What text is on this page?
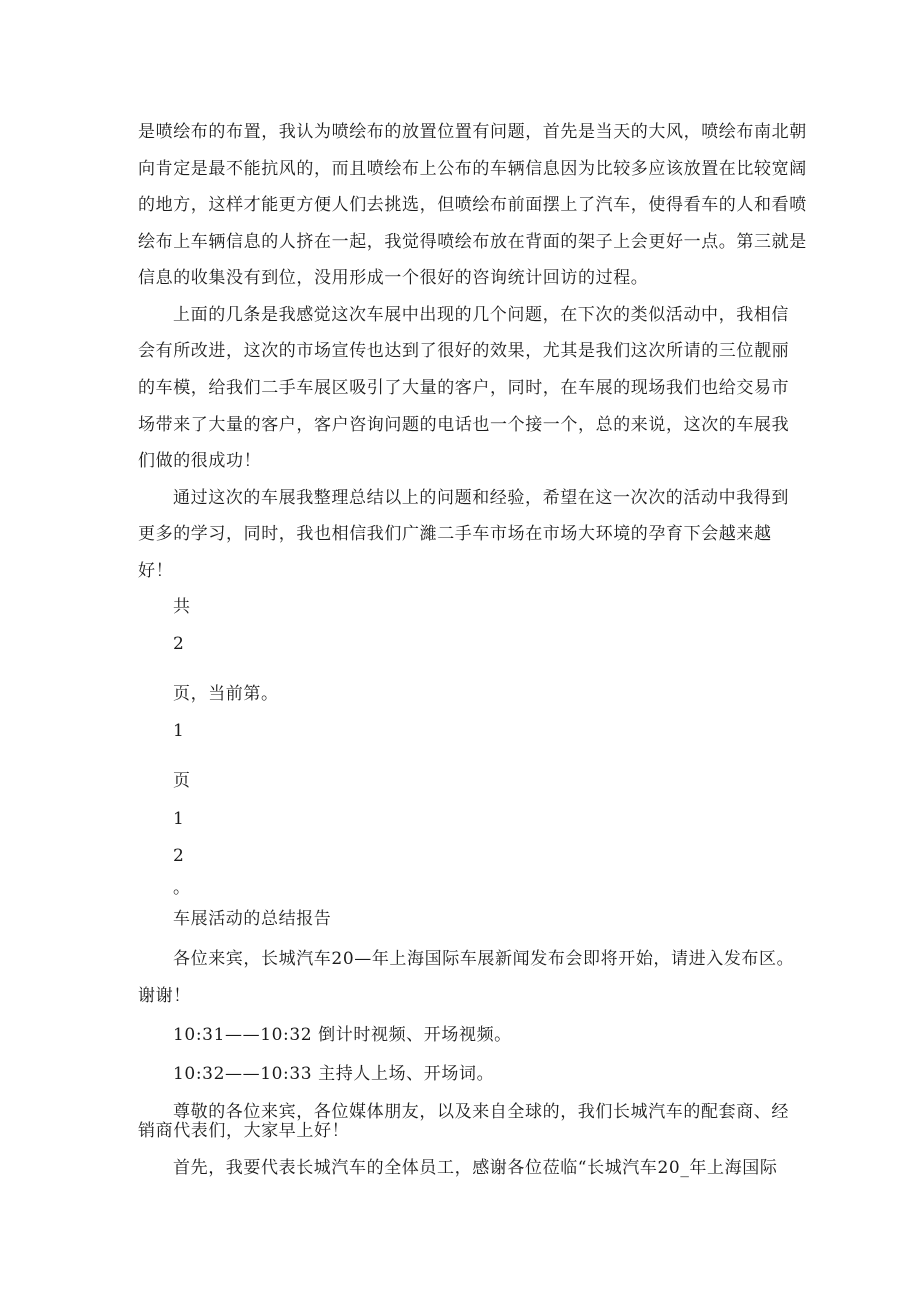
是喷绘布的布置，我认为喷绘布的放置位置有问题，首先是当天的大风，喷绘布南北朝
向肯定是最不能抗风的，而且喷绘布上公布的车辆信息因为比较多应该放置在比较宽阔
的地方，这样才能更方便人们去挑选，但喷绘布前面摆上了汽车，使得看车的人和看喷
绘布上车辆信息的人挤在一起，我觉得喷绘布放在背面的架子上会更好一点。第三就是
信息的收集没有到位，没用形成一个很好的咨询统计回访的过程。
上面的几条是我感觉这次车展中出现的几个问题，在下次的类似活动中，我相信
会有所改进，这次的市场宣传也达到了很好的效果，尤其是我们这次所请的三位靓丽
的车模，给我们二手车展区吸引了大量的客户，同时，在车展的现场我们也给交易市
场带来了大量的客户，客户咨询问题的电话也一个接一个，总的来说，这次的车展我
们做的很成功！
通过这次的车展我整理总结以上的问题和经验，希望在这一次次的活动中我得到
更多的学习，同时，我也相信我们广濰二手车市场在市场大环境的孕育下会越来越
好！
共
2
页，当前第。
1
页
1
2
。
车展活动的总结报告
各位来宾，长城汽车20—年上海国际车展新闻发布会即将开始，请进入发布区。
谢谢！
10:31——10:32 倒计时视频、开场视频。
10:32——10:33 主持人上场、开场词。
尊敬的各位来宾，各位媒体朋友，以及来自全球的，我们长城汽车的配套商、经
销商代表们，大家早上好！
首先，我要代表长城汽车的全体员工，感谢各位莅临“长城汽车20_年上海国际
